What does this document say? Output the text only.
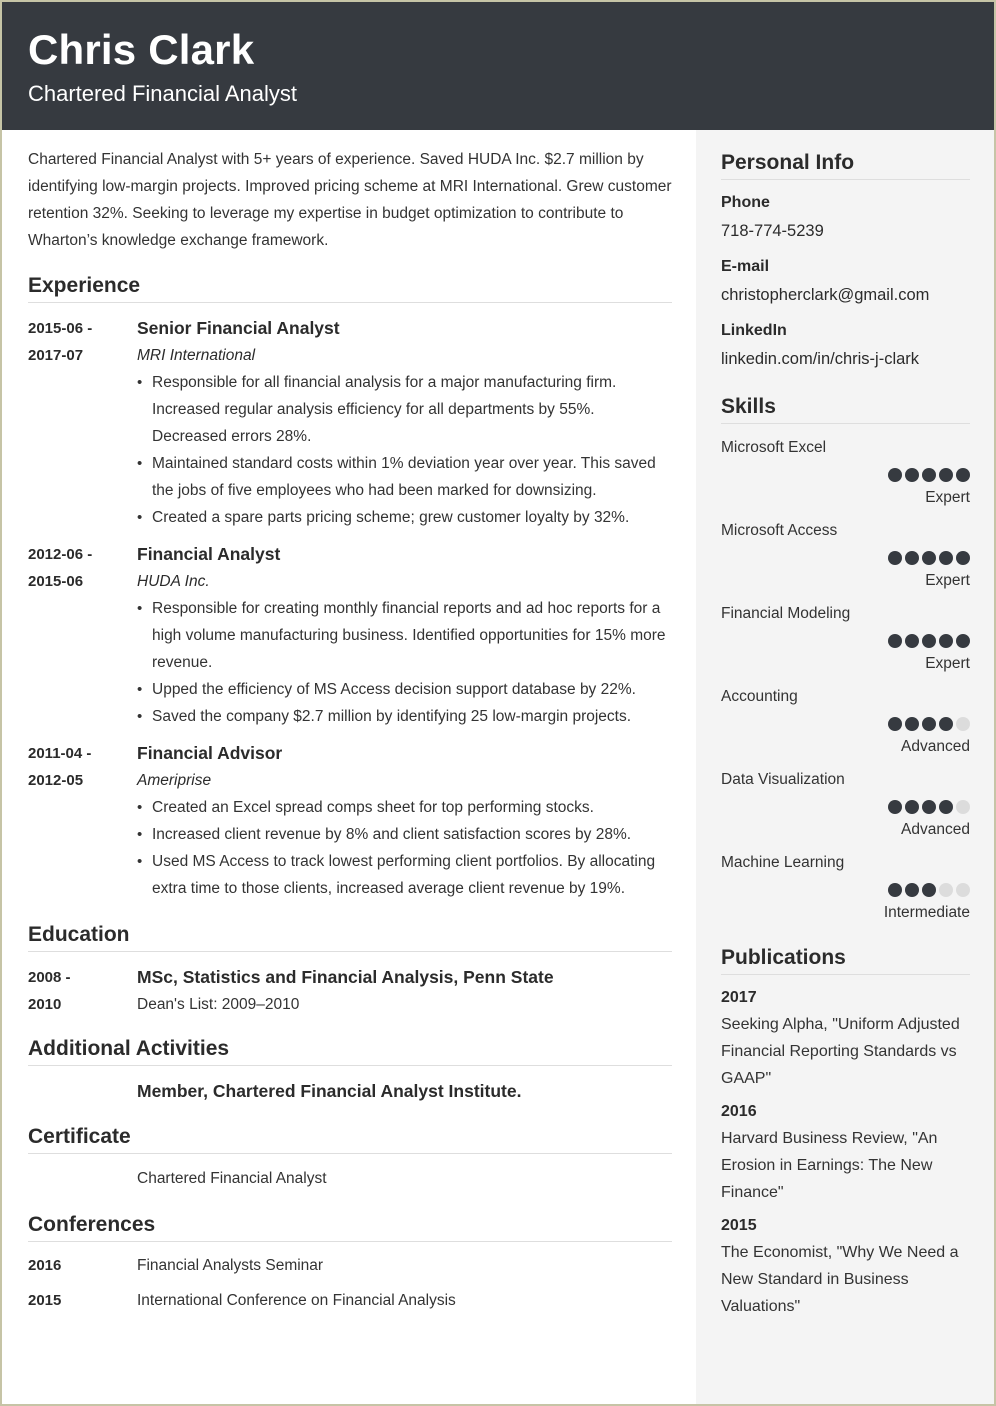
Chris Clark
Chartered Financial Analyst

Chartered Financial Analyst with 5+ years of experience. Saved HUDA Inc. $2.7 million by identifying low-margin projects. Improved pricing scheme at MRI International. Grew customer retention 32%. Seeking to leverage my expertise in budget optimization to contribute to Wharton’s knowledge exchange framework.

Experience
2015-06 -
2017-07
Senior Financial Analyst
MRI International
• Responsible for all financial analysis for a major manufacturing firm. Increased regular analysis efficiency for all departments by 55%. Decreased errors 28%.
• Maintained standard costs within 1% deviation year over year. This saved the jobs of five employees who had been marked for downsizing.
• Created a spare parts pricing scheme; grew customer loyalty by 32%.
2012-06 -
2015-06
Financial Analyst
HUDA Inc.
• Responsible for creating monthly financial reports and ad hoc reports for a high volume manufacturing business. Identified opportunities for 15% more revenue.
• Upped the efficiency of MS Access decision support database by 22%.
• Saved the company $2.7 million by identifying 25 low-margin projects.
2011-04 -
2012-05
Financial Advisor
Ameriprise
• Created an Excel spread comps sheet for top performing stocks.
• Increased client revenue by 8% and client satisfaction scores by 28%.
• Used MS Access to track lowest performing client portfolios. By allocating extra time to those clients, increased average client revenue by 19%.
Education
2008 -
2010
MSc, Statistics and Financial Analysis, Penn State
Dean's List: 2009–2010
Additional Activities
Member, Chartered Financial Analyst Institute.
Certificate
Chartered Financial Analyst
Conferences
2016	Financial Analysts Seminar
2015	International Conference on Financial Analysis
Personal Info
Phone
718-774-5239
E-mail
christopherclark@gmail.com
LinkedIn
linkedin.com/in/chris-j-clark
Skills
Microsoft Excel
Expert
Microsoft Access
Expert
Financial Modeling
Expert
Accounting
Advanced
Data Visualization
Advanced
Machine Learning
Intermediate
Publications
2017
Seeking Alpha, "Uniform Adjusted Financial Reporting Standards vs GAAP"
2016
Harvard Business Review, "An Erosion in Earnings: The New Finance"
2015
The Economist, "Why We Need a New Standard in Business Valuations"
